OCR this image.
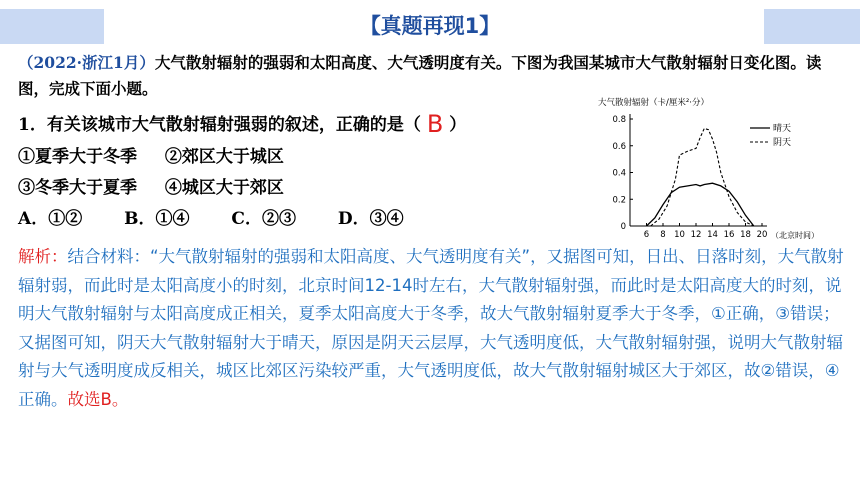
【真题再现1】
（2022·浙江1月）大气散射辐射的强弱和太阳高度、大气透明度有关。下图为我国某城市大气散射辐射日变化图。读图，完成下面小题。
1．有关该城市大气散射辐射强弱的叙述，正确的是（ B ）
①夏季大于冬季 ②郊区大于城区
③冬季大于夏季 ④城区大于郊区
A．①② B．①④ C．②③ D．③④
大气散射辐射（卡/厘米²·分）
0
0.2
0.4
0.6
0.8
6 8 10 12 14 16 18 20 （北京时间）
晴天
阴天
解析：结合材料：“大气散射辐射的强弱和太阳高度、大气透明度有关”，又据图可知，日出、日落时刻，大气散射辐射弱，而此时是太阳高度小的时刻，北京时间12-14时左右，大气散射辐射强，而此时是太阳高度大的时刻，说明大气散射辐射与太阳高度成正相关，夏季太阳高度大于冬季，故大气散射辐射夏季大于冬季，①正确，③错误；又据图可知，阴天大气散射辐射大于晴天，原因是阴天云层厚，大气透明度低，大气散射辐射强，说明大气散射辐射与大气透明度成反相关，城区比郊区污染较严重，大气透明度低，故大气散射辐射城区大于郊区，故②错误，④正确。故选B。
